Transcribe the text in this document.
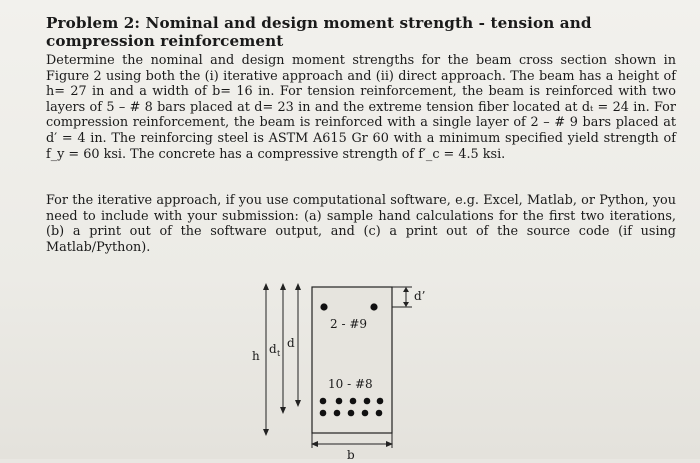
Problem 2: Nominal and design moment strength - tension and compression reinforcement
Determine the nominal and design moment strengths for the beam cross section shown in Figure 2 using both the (i) iterative approach and (ii) direct approach. The beam has a height of h= 27 in and a width of b= 16 in. For tension reinforcement, the beam is reinforced with two layers of 5 – # 8 bars placed at d= 23 in and the extreme tension fiber located at dₜ = 24 in. For compression reinforcement, the beam is reinforced with a single layer of 2 – # 9 bars placed at d′ = 4 in. The reinforcing steel is ASTM A615 Gr 60 with a minimum specified yield strength of f_y = 60 ksi. The concrete has a compressive strength of f′_c = 4.5 ksi.
For the iterative approach, if you use computational software, e.g. Excel, Matlab, or Python, you need to include with your submission: (a) sample hand calculations for the first two iterations, (b) a print out of the software output, and (c) a print out of the source code (if using Matlab/Python).
2 - #9
10 - #8
h d t
d
d’
b
